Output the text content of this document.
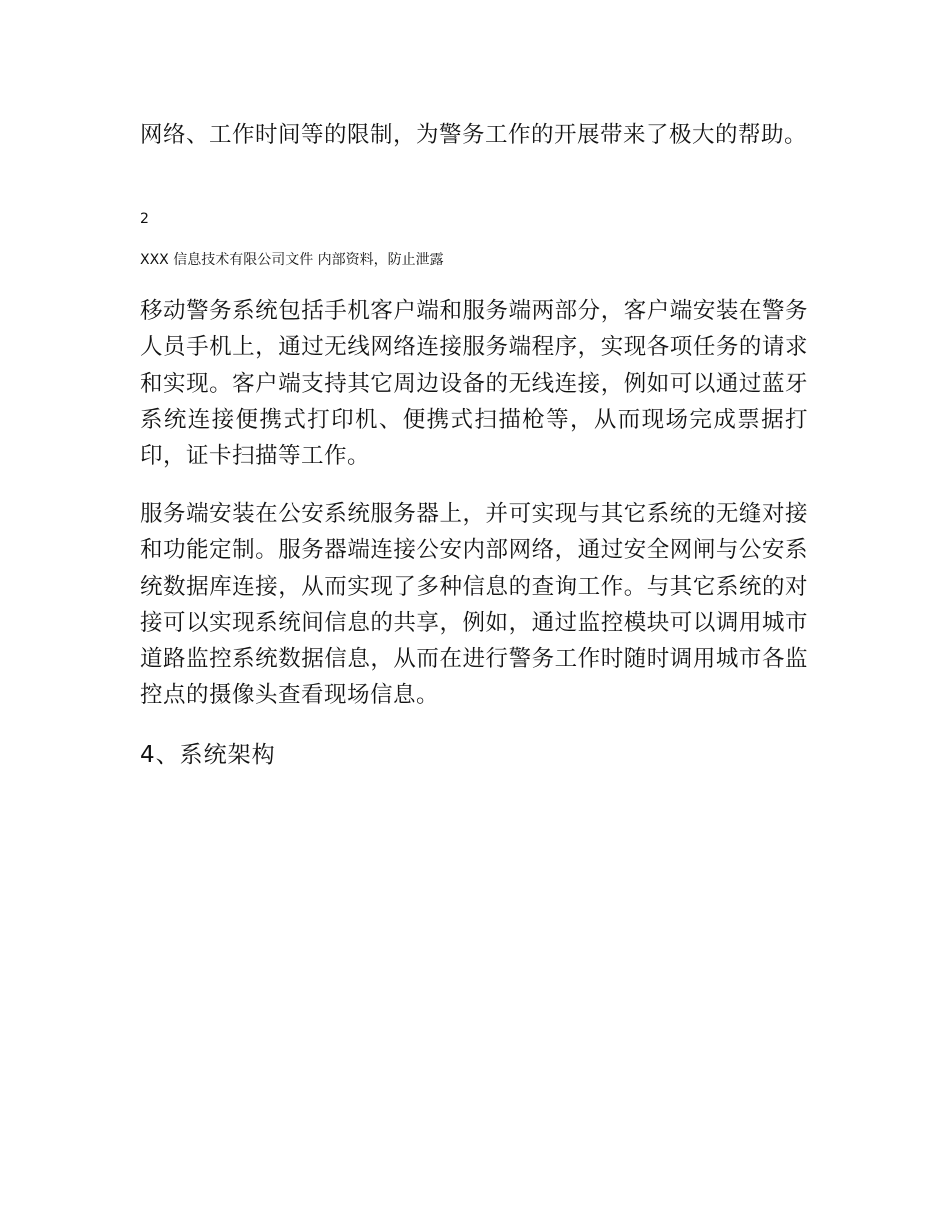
网络、工作时间等的限制，为警务工作的开展带来了极大的帮助。

2

XXX 信息技术有限公司文件 内部资料，防止泄露

移动警务系统包括手机客户端和服务端两部分，客户端安装在警务人员手机上，通过无线网络连接服务端程序，实现各项任务的请求和实现。客户端支持其它周边设备的无线连接，例如可以通过蓝牙系统连接便携式打印机、便携式扫描枪等，从而现场完成票据打印，证卡扫描等工作。

服务端安装在公安系统服务器上，并可实现与其它系统的无缝对接和功能定制。服务器端连接公安内部网络，通过安全网闸与公安系统数据库连接，从而实现了多种信息的查询工作。与其它系统的对接可以实现系统间信息的共享，例如，通过监控模块可以调用城市道路监控系统数据信息，从而在进行警务工作时随时调用城市各监控点的摄像头查看现场信息。

4、系统架构
